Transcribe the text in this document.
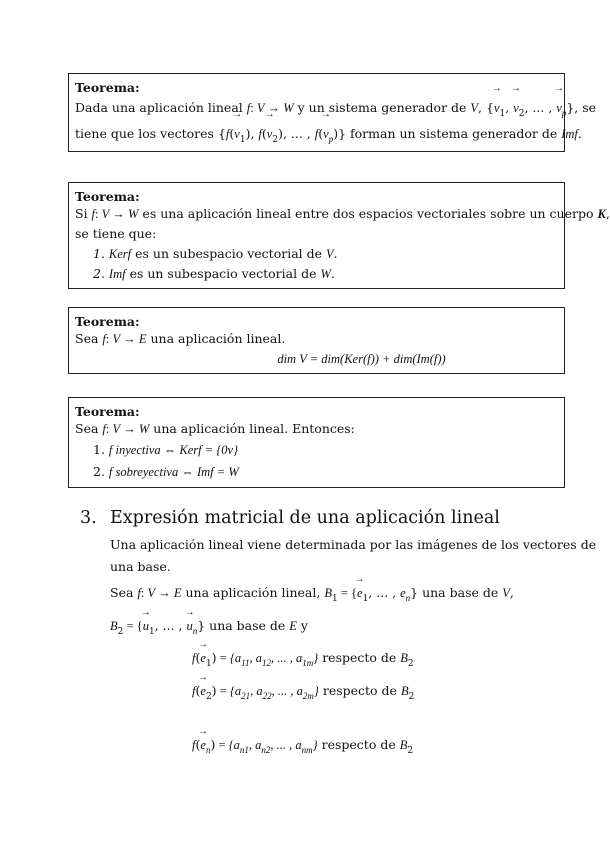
Teorema:
Dada una aplicación lineal f: V → W y un sistema generador de V, {→ $v_1$, → $v_2$, ... , → $v_p$}, se
tiene que los vectores {$f(\to v_1)$, $f(\to v_2)$, ... , $f(\to v_p)$} forman un sistema generador de Imf.
Teorema:
Si f: V → W es una aplicación lineal entre dos espacios vectoriales sobre un cuerpo K,
se tiene que:
1. Kerf es un subespacio vectorial de V.
2. Imf es un subespacio vectorial de W.
Teorema:
Sea f: V → E una aplicación lineal.
dim V = dim(Ker(f)) + dim(Im(f))
Teorema:
Sea f: V → W una aplicación lineal. Entonces:
1. f inyectiva ⇔ Kerf = {0v}
2. f sobreyectiva ⇔ Imf = W
3. Expresión matricial de una aplicación lineal
Una aplicación lineal viene determinada por las imágenes de los vectores de
una base.
Sea f: V → E una aplicación lineal, $B_1$ = {→ $e_1$, ... , $e_n$} una base de V,
$B_2$ = {→ $u_1$, ... , → $u_n$} una base de E y
$f(\to e_1) = \{a_{11}$, $a_{12}$, ... , $a_{1m}$} respecto de $B_2$
$f(\to e_2) = \{a_{21}$, $a_{22}$, ... , $a_{2m}$} respecto de $B_2$
$f(\to e_n) = \{a_{n1}$, $a_{n2}$, ... , $a_{nm}$} respecto de $B_2$
